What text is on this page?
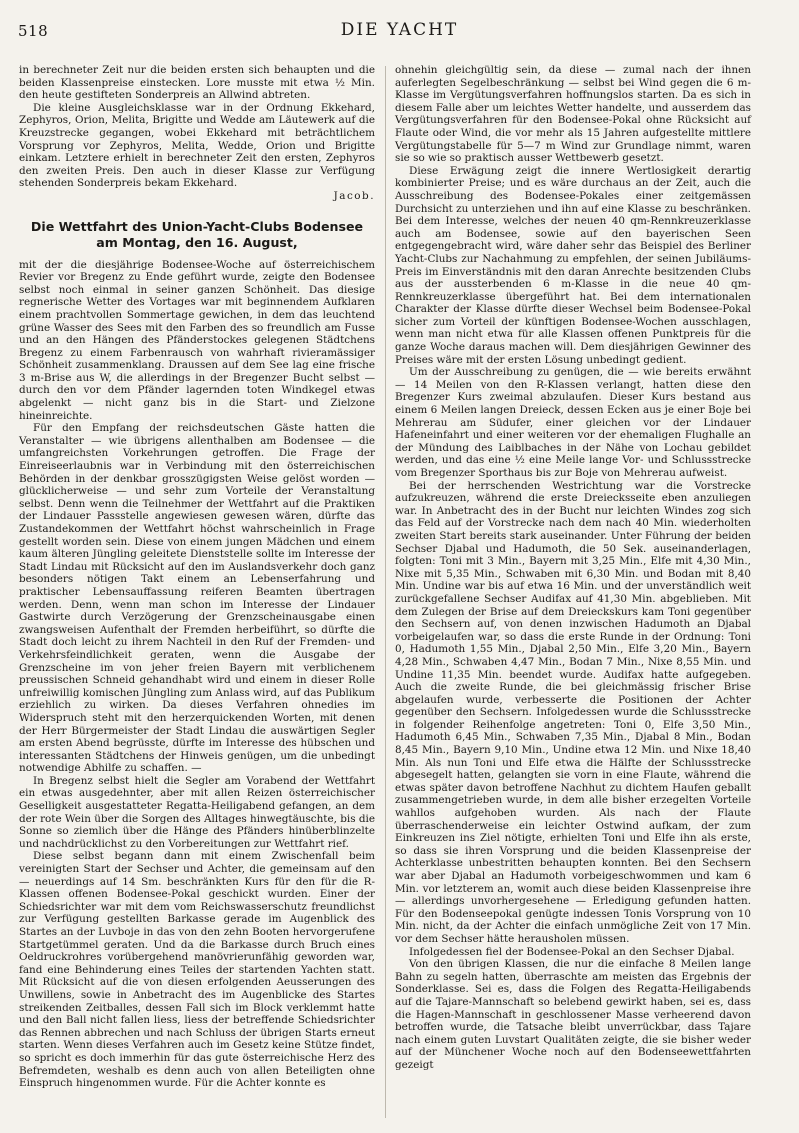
518	DIE YACHT

in berechneter Zeit nur die beiden ersten sich behaupten und die beiden Klassenpreise einstecken. Lore musste mit etwa ½ Min. den heute gestifteten Sonderpreis an Allwind abtreten.

Die kleine Ausgleichsklasse war in der Ordnung Ekkehard, Zephyros, Orion, Melita, Brigitte und Wedde am Läutewerk auf die Kreuzstrecke gegangen, wobei Ekkehard mit beträchtlichem Vorsprung vor Zephyros, Melita, Wedde, Orion und Brigitte einkam. Letztere erhielt in berechneter Zeit den ersten, Zephyros den zweiten Preis. Den auch in dieser Klasse zur Verfügung stehenden Sonderpreis bekam Ekkehard.

Jacob.
Die Wettfahrt des Union-Yacht-Clubs Bodensee am Montag, den 16. August,

mit der die diesjährige Bodensee-Woche auf österreichischem Revier vor Bregenz zu Ende geführt wurde, zeigte den Bodensee selbst noch einmal in seiner ganzen Schönheit. Das diesige regnerische Wetter des Vortages war mit beginnendem Aufklaren einem prachtvollen Sommertage gewichen, in dem das leuchtend grüne Wasser des Sees mit den Farben des so freundlich am Fusse und an den Hängen des Pfänderstockes gelegenen Städtchens Bregenz zu einem Farbenrausch von wahrhaft rivieramässiger Schönheit zusammenklang. Draussen auf dem See lag eine frische 3 m-Brise aus W, die allerdings in der Bregenzer Bucht selbst — durch den vor dem Pfänder lagernden toten Windkegel etwas abgelenkt — nicht ganz bis in die Start- und Zielzone hineinreichte.

Für den Empfang der reichsdeutschen Gäste hatten die Veranstalter — wie übrigens allenthalben am Bodensee — die umfangreichsten Vorkehrungen getroffen. Die Frage der Einreiseerlaubnis war in Verbindung mit den österreichischen Behörden in der denkbar grosszügigsten Weise gelöst worden — glücklicherweise — und sehr zum Vorteile der Veranstaltung selbst. Denn wenn die Teilnehmer der Wettfahrt auf die Praktiken der Lindauer Passstelle angewiesen gewesen wären, dürfte das Zustandekommen der Wettfahrt höchst wahrscheinlich in Frage gestellt worden sein. Diese von einem jungen Mädchen und einem kaum älteren Jüngling geleitete Dienststelle sollte im Interesse der Stadt Lindau mit Rücksicht auf den im Auslandsverkehr doch ganz besonders nötigen Takt einem an Lebenserfahrung und praktischer Lebensauffassung reiferen Beamten übertragen werden. Denn, wenn man schon im Interesse der Lindauer Gastwirte durch Verzögerung der Grenzscheinausgabe einen zwangsweisen Aufenthalt der Fremden herbeiführt, so dürfte die Stadt doch leicht zu ihrem Nachteil in den Ruf der Fremden- und Verkehrsfeindlichkeit geraten, wenn die Ausgabe der Grenzscheine im von jeher freien Bayern mit verblichenem preussischen Schneid gehandhabt wird und einem in dieser Rolle unfreiwillig komischen Jüngling zum Anlass wird, auf das Publikum erziehlich zu wirken. Da dieses Verfahren ohnedies im Widerspruch steht mit den herzerquickenden Worten, mit denen der Herr Bürgermeister der Stadt Lindau die auswärtigen Segler am ersten Abend begrüsste, dürfte im Interesse des hübschen und interessanten Städtchens der Hinweis genügen, um die unbedingt notwendige Abhilfe zu schaffen. —

In Bregenz selbst hielt die Segler am Vorabend der Wettfahrt ein etwas ausgedehnter, aber mit allen Reizen österreichischer Geselligkeit ausgestatteter Regatta-Heiligabend gefangen, an dem der rote Wein über die Sorgen des Alltages hinwegtäuschte, bis die Sonne so ziemlich über die Hänge des Pfänders hinüberblinzelte und nachdrücklichst zu den Vorbereitungen zur Wettfahrt rief.

Diese selbst begann dann mit einem Zwischenfall beim vereinigten Start der Sechser und Achter, die gemeinsam auf den — neuerdings auf 14 Sm. beschränkten Kurs für den für die R-Klassen offenen Bodensee-Pokal geschickt wurden. Einer der Schiedsrichter war mit dem vom Reichswasserschutz freundlichst zur Verfügung gestellten Barkasse gerade im Augenblick des Startes an der Luvboje in das von den zehn Booten hervorgerufene Startgetümmel geraten. Und da die Barkasse durch Bruch eines Oeldruckrohres vorübergehend manövrierunfähig geworden war, fand eine Behinderung eines Teiles der startenden Yachten statt. Mit Rücksicht auf die von diesen erfolgenden Aeusserungen des Unwillens, sowie in Anbetracht des im Augenblicke des Startes streikenden Zeitballes, dessen Fall sich im Block verklemmt hatte und den Ball nicht fallen liess, liess der betreffende Schiedsrichter das Rennen abbrechen und nach Schluss der übrigen Starts erneut starten. Wenn dieses Verfahren auch im Gesetz keine Stütze findet, so spricht es doch immerhin für das gute österreichische Herz des Befremdeten, weshalb es denn auch von allen Beteiligten ohne Einspruch hingenommen wurde. Für die Achter konnte es

ohnehin gleichgültig sein, da diese — zumal nach der ihnen auferlegten Segelbeschränkung — selbst bei Wind gegen die 6 m-Klasse im Vergütungsverfahren hoffnungslos starten. Da es sich in diesem Falle aber um leichtes Wetter handelte, und ausserdem das Vergütungsverfahren für den Bodensee-Pokal ohne Rücksicht auf Flaute oder Wind, die vor mehr als 15 Jahren aufgestellte mittlere Vergütungstabelle für 5—7 m Wind zur Grundlage nimmt, waren sie so wie so praktisch ausser Wettbewerb gesetzt.

Diese Erwägung zeigt die innere Wertlosigkeit derartig kombinierter Preise; und es wäre durchaus an der Zeit, auch die Ausschreibung des Bodensee-Pokales einer zeitgemässen Durchsicht zu unterziehen und ihn auf eine Klasse zu beschränken. Bei dem Interesse, welches der neuen 40 qm-Rennkreuzerklasse auch am Bodensee, sowie auf den bayerischen Seen entgegengebracht wird, wäre daher sehr das Beispiel des Berliner Yacht-Clubs zur Nachahmung zu empfehlen, der seinen Jubiläums-Preis im Einverständnis mit den daran Anrechte besitzenden Clubs aus der aussterbenden 6 m-Klasse in die neue 40 qm-Rennkreuzerklasse übergeführt hat. Bei dem internationalen Charakter der Klasse dürfte dieser Wechsel beim Bodensee-Pokal sicher zum Vorteil der künftigen Bodensee-Wochen ausschlagen, wenn man nicht etwa für alle Klassen offenen Punktpreis für die ganze Woche daraus machen will. Dem diesjährigen Gewinner des Preises wäre mit der ersten Lösung unbedingt gedient.

Um der Ausschreibung zu genügen, die — wie bereits erwähnt — 14 Meilen von den R-Klassen verlangt, hatten diese den Bregenzer Kurs zweimal abzulaufen. Dieser Kurs bestand aus einem 6 Meilen langen Dreieck, dessen Ecken aus je einer Boje bei Mehrerau am Südufer, einer gleichen vor der Lindauer Hafeneinfahrt und einer weiteren vor der ehemaligen Flughalle an der Mündung des Laiblbaches in der Nähe von Lochau gebildet werden, und das eine ½ eine Meile lange Vor- und Schlussstrecke vom Bregenzer Sporthaus bis zur Boje von Mehrerau aufweist.

Bei der herrschenden Westrichtung war die Vorstrecke aufzukreuzen, während die erste Dreiecksseite eben anzuliegen war. In Anbetracht des in der Bucht nur leichten Windes zog sich das Feld auf der Vorstrecke nach dem nach 40 Min. wiederholten zweiten Start bereits stark auseinander. Unter Führung der beiden Sechser Djabal und Hadumoth, die 50 Sek. auseinanderlagen, folgten: Toni mit 3 Min., Bayern mit 3,25 Min., Elfe mit 4,30 Min., Nixe mit 5,35 Min., Schwaben mit 6,30 Min. und Bodan mit 8,40 Min. Undine war bis auf etwa 16 Min. und der unverständlich weit zurückgefallene Sechser Audifax auf 41,30 Min. abgeblieben. Mit dem Zulegen der Brise auf dem Dreieckskurs kam Toni gegenüber den Sechsern auf, von denen inzwischen Hadumoth an Djabal vorbeigelaufen war, so dass die erste Runde in der Ordnung: Toni 0, Hadumoth 1,55 Min., Djabal 2,50 Min., Elfe 3,20 Min., Bayern 4,28 Min., Schwaben 4,47 Min., Bodan 7 Min., Nixe 8,55 Min. und Undine 11,35 Min. beendet wurde. Audifax hatte aufgegeben. Auch die zweite Runde, die bei gleichmässig frischer Brise abgelaufen wurde, verbesserte die Positionen der Achter gegenüber den Sechsern. Infolgedessen wurde die Schlussstrecke in folgender Reihenfolge angetreten: Toni 0, Elfe 3,50 Min., Hadumoth 6,45 Min., Schwaben 7,35 Min., Djabal 8 Min., Bodan 8,45 Min., Bayern 9,10 Min., Undine etwa 12 Min. und Nixe 18,40 Min. Als nun Toni und Elfe etwa die Hälfte der Schlussstrecke abgesegelt hatten, gelangten sie vorn in eine Flaute, während die etwas später davon betroffene Nachhut zu dichtem Haufen geballt zusammengetrieben wurde, in dem alle bisher erzegelten Vorteile wahllos aufgehoben wurden. Als nach der Flaute überraschenderweise ein leichter Ostwind aufkam, der zum Einkreuzen ins Ziel nötigte, erhielten Toni und Elfe ihn als erste, so dass sie ihren Vorsprung und die beiden Klassenpreise der Achterklasse unbestritten behaupten konnten. Bei den Sechsern war aber Djabal an Hadumoth vorbeigeschwommen und kam 6 Min. vor letzterem an, womit auch diese beiden Klassenpreise ihre — allerdings unvorhergesehene — Erledigung gefunden hatten. Für den Bodenseepokal genügte indessen Tonis Vorsprung von 10 Min. nicht, da der Achter die einfach unmögliche Zeit von 17 Min. vor dem Sechser hätte herausholen müssen.

Infolgedessen fiel der Bodensee-Pokal an den Sechser Djabal.

Von den übrigen Klassen, die nur die einfache 8 Meilen lange Bahn zu segeln hatten, überraschte am meisten das Ergebnis der Sonderklasse. Sei es, dass die Folgen des Regatta-Heiligabends auf die Tajare-Mannschaft so belebend gewirkt haben, sei es, dass die Hagen-Mannschaft in geschlossener Masse verheerend davon betroffen wurde, die Tatsache bleibt unverrückbar, dass Tajare nach einem guten Luvstart Qualitäten zeigte, die sie bisher weder auf der Münchener Woche noch auf den Bodenseewettfahrten gezeigt
